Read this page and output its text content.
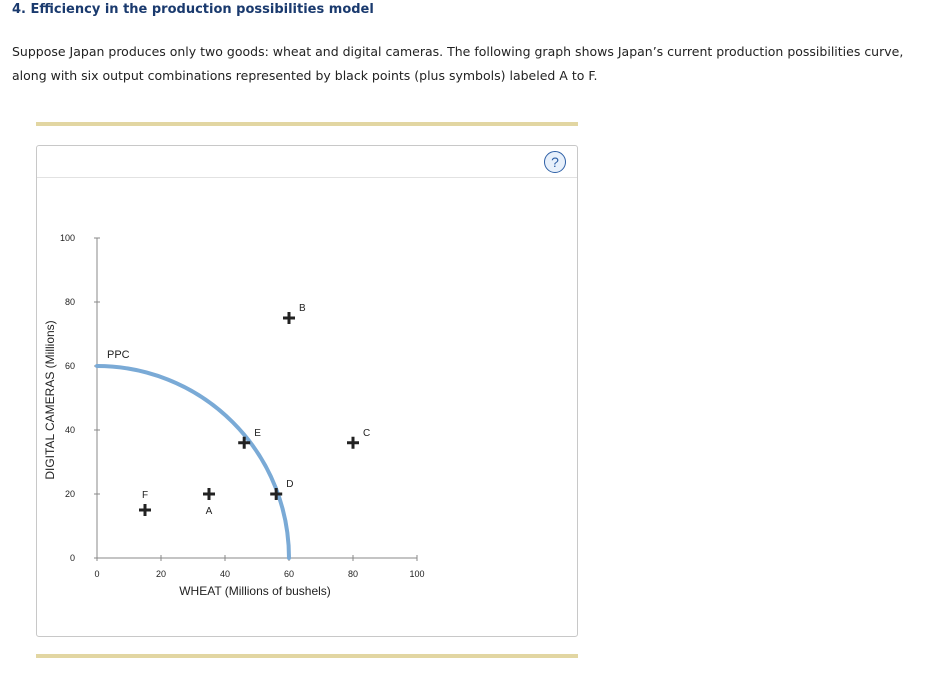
4. Efficiency in the production possibilities model
Suppose Japan produces only two goods: wheat and digital cameras. The following graph shows Japan’s current production possibilities curve, along with six output combinations represented by black points (plus symbols) labeled A to F.
?
0	20	40	60	80	100
0
20
40
60
80
100
WHEAT (Millions of bushels)
DIGITAL CAMERAS (Millions)	PPC
A
B
C
D
E
F
